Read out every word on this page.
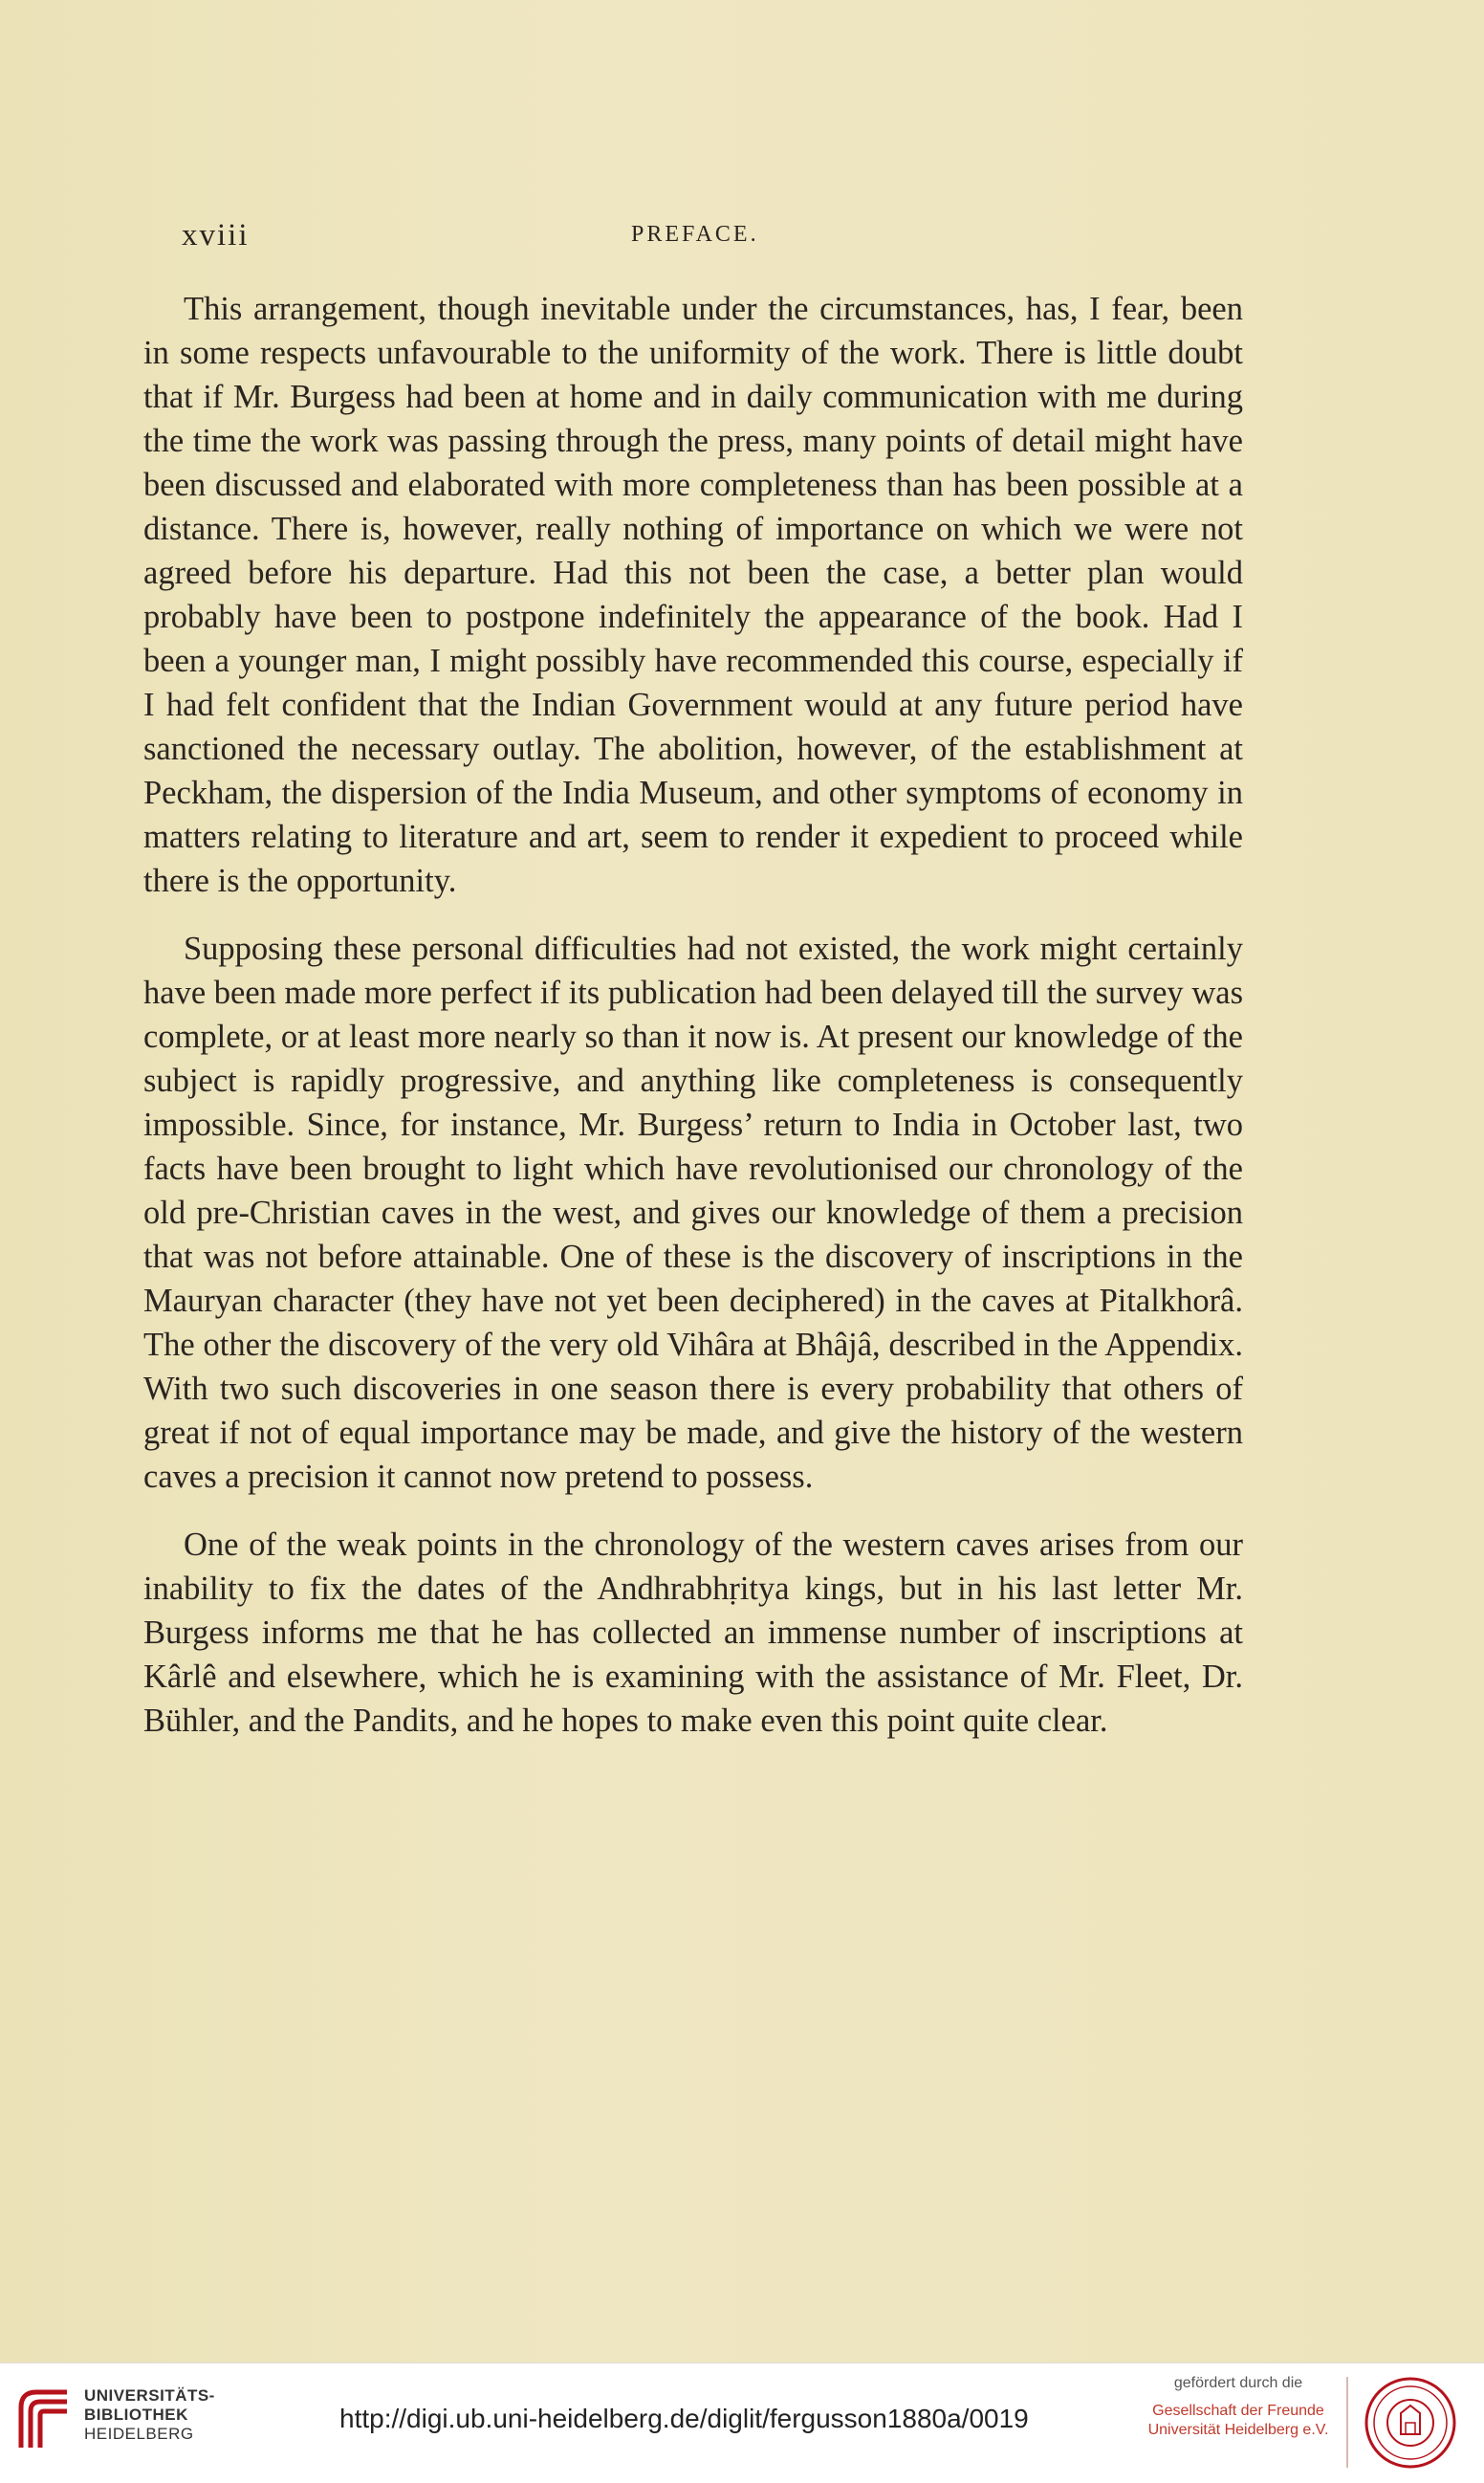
xviii	PREFACE.

This arrangement, though inevitable under the circumstances, has, I fear, been in some respects unfavourable to the uniformity of the work. There is little doubt that if Mr. Burgess had been at home and in daily communication with me during the time the work was passing through the press, many points of detail might have been discussed and elaborated with more completeness than has been possible at a distance. There is, however, really nothing of importance on which we were not agreed before his departure. Had this not been the case, a better plan would probably have been to postpone indefinitely the appearance of the book. Had I been a younger man, I might possibly have recommended this course, especially if I had felt confident that the Indian Government would at any future period have sanctioned the necessary outlay. The abolition, however, of the establishment at Peckham, the dispersion of the India Museum, and other symptoms of economy in matters relating to literature and art, seem to render it expedient to proceed while there is the opportunity.

Supposing these personal difficulties had not existed, the work might certainly have been made more perfect if its publication had been delayed till the survey was complete, or at least more nearly so than it now is. At present our knowledge of the subject is rapidly progressive, and anything like completeness is consequently impossible. Since, for instance, Mr. Burgess’ return to India in October last, two facts have been brought to light which have revolutionised our chronology of the old pre-Christian caves in the west, and gives our knowledge of them a precision that was not before attainable. One of these is the discovery of inscriptions in the Mauryan character (they have not yet been deciphered) in the caves at Pitalkhorâ. The other the discovery of the very old Vihâra at Bhâjâ, described in the Appendix. With two such discoveries in one season there is every probability that others of great if not of equal importance may be made, and give the history of the western caves a precision it cannot now pretend to possess.

One of the weak points in the chronology of the western caves arises from our inability to fix the dates of the Andhrabhṛitya kings, but in his last letter Mr. Burgess informs me that he has collected an immense number of inscriptions at Kârlê and elsewhere, which he is examining with the assistance of Mr. Fleet, Dr. Bühler, and the Pandits, and he hopes to make even this point quite clear.

UNIVERSITÄTS-
BIBLIOTHEK
HEIDELBERG
http://digi.ub.uni-heidelberg.de/diglit/fergusson1880a/0019
gefördert durch die
Gesellschaft der Freunde
Universität Heidelberg e.V.
